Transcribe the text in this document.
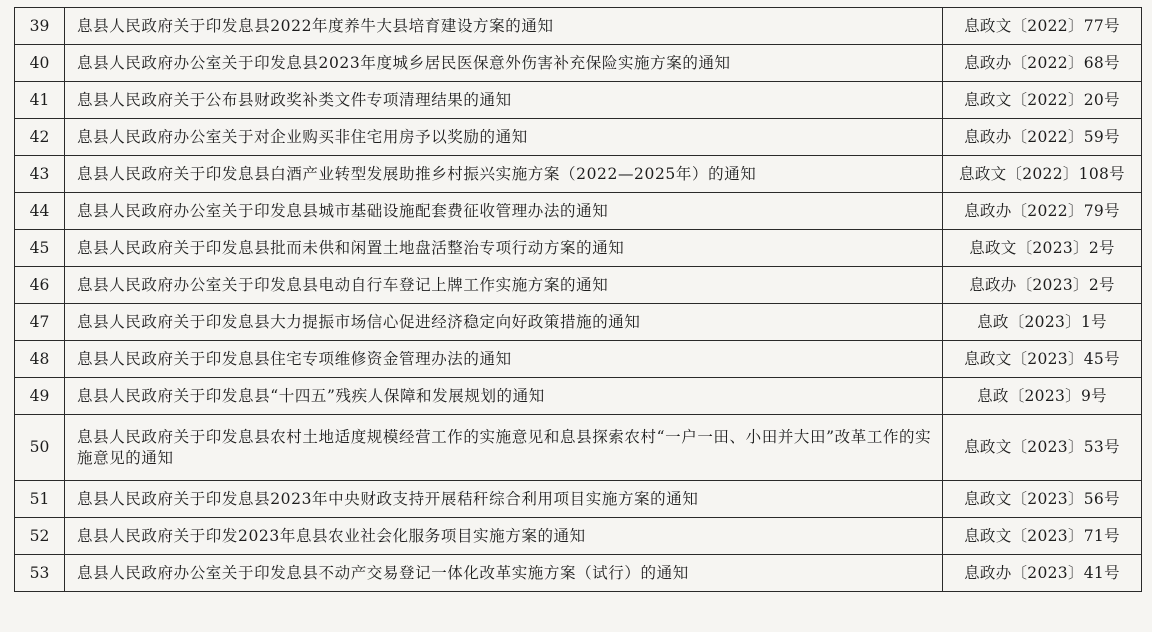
39	息县人民政府关于印发息县2022年度养牛大县培育建设方案的通知	息政文〔2022〕77号
40	息县人民政府办公室关于印发息县2023年度城乡居民医保意外伤害补充保险实施方案的通知	息政办〔2022〕68号
41	息县人民政府关于公布县财政奖补类文件专项清理结果的通知	息政文〔2022〕20号
42	息县人民政府办公室关于对企业购买非住宅用房予以奖励的通知	息政办〔2022〕59号
43	息县人民政府关于印发息县白酒产业转型发展助推乡村振兴实施方案（2022—2025年）的通知	息政文〔2022〕108号
44	息县人民政府办公室关于印发息县城市基础设施配套费征收管理办法的通知	息政办〔2022〕79号
45	息县人民政府关于印发息县批而未供和闲置土地盘活整治专项行动方案的通知	息政文〔2023〕2号
46	息县人民政府办公室关于印发息县电动自行车登记上牌工作实施方案的通知	息政办〔2023〕2号
47	息县人民政府关于印发息县大力提振市场信心促进经济稳定向好政策措施的通知	息政〔2023〕1号
48	息县人民政府关于印发息县住宅专项维修资金管理办法的通知	息政文〔2023〕45号
49	息县人民政府关于印发息县“十四五”残疾人保障和发展规划的通知	息政〔2023〕9号
50	息县人民政府关于印发息县农村土地适度规模经营工作的实施意见和息县探索农村“一户一田、小田并大田”改革工作的实施意见的通知	息政文〔2023〕53号
51	息县人民政府关于印发息县2023年中央财政支持开展秸秆综合利用项目实施方案的通知	息政文〔2023〕56号
52	息县人民政府关于印发2023年息县农业社会化服务项目实施方案的通知	息政文〔2023〕71号
53	息县人民政府办公室关于印发息县不动产交易登记一体化改革实施方案（试行）的通知	息政办〔2023〕41号
